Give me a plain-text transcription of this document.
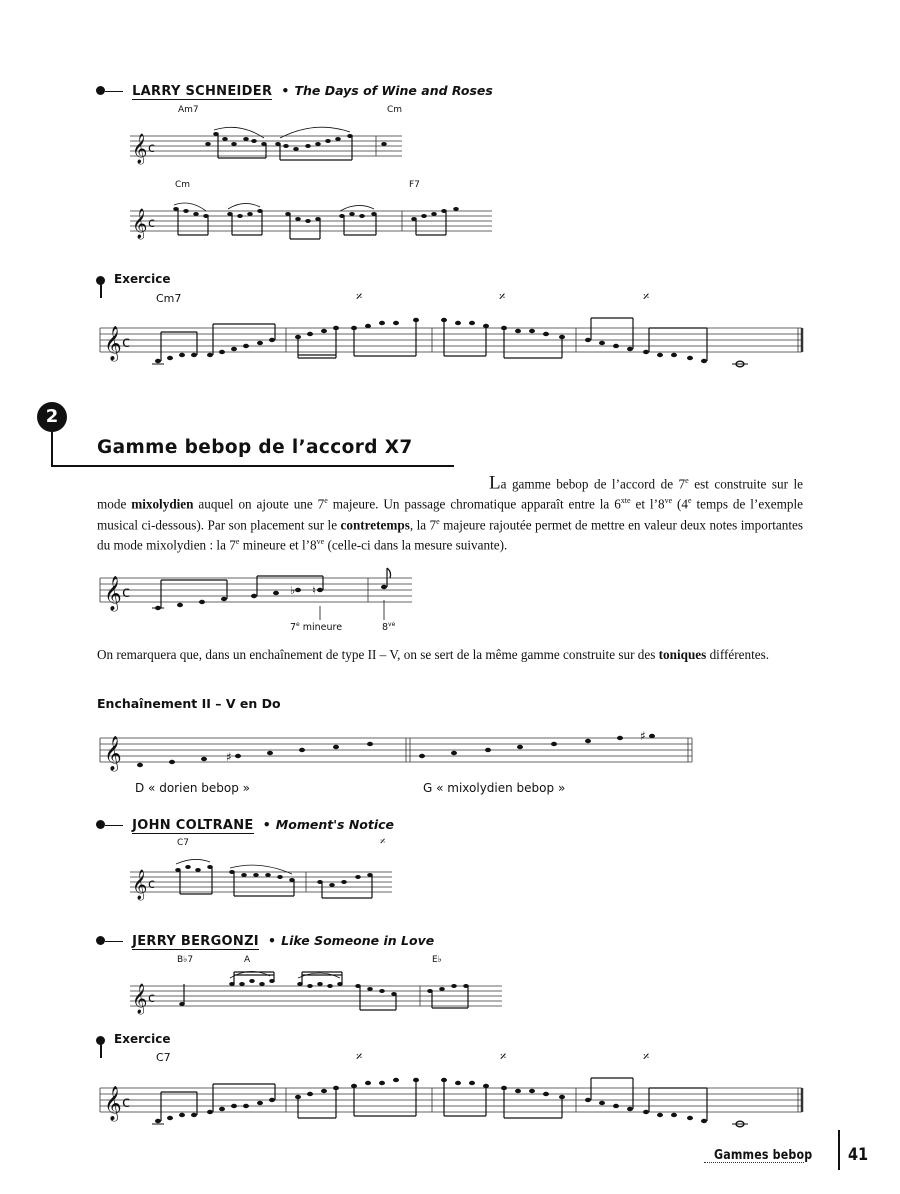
LARRY SCHNEIDER • The Days of Wine and Roses
Am7	Cm
Cm	F7
𝄞 c
𝄞 c
Exercice
Cm7	𝄎	𝄎	𝄎
𝄞 c
2
Gamme bebop de l’accord X7
La gamme bebop de l’accord de 7e est construite sur le mode mixolydien auquel on ajoute une 7e majeure. Un passage chromatique apparaît entre la $6^{xte}$ et $l’8^{ve}$ (4e temps de l’exemple musical ci-dessous). Par son placement sur le contretemps, la 7e majeure rajoutée permet de mettre en valeur deux notes importantes du mode mixolydien : la 7e mineure et $l’8^{ve}$ (celle-ci dans la mesure suivante).
𝄞 c	♭ ♮
7e mineure	$8^{ve}$
On remarquera que, dans un enchaînement de type II – V, on se sert de la même gamme construite sur des toniques différentes.
Enchaînement II – V en Do
𝄞	♯
♯
D « dorien bebop »	G « mixolydien bebop »
JOHN COLTRANE • Moment's Notice
C7	𝄎
𝄞 c
JERRY BERGONZI • Like Someone in Love
B♭7	A	E♭
𝄞 c
Exercice
C7	𝄎	𝄎	𝄎
𝄞 c
Gammes bebop 41
